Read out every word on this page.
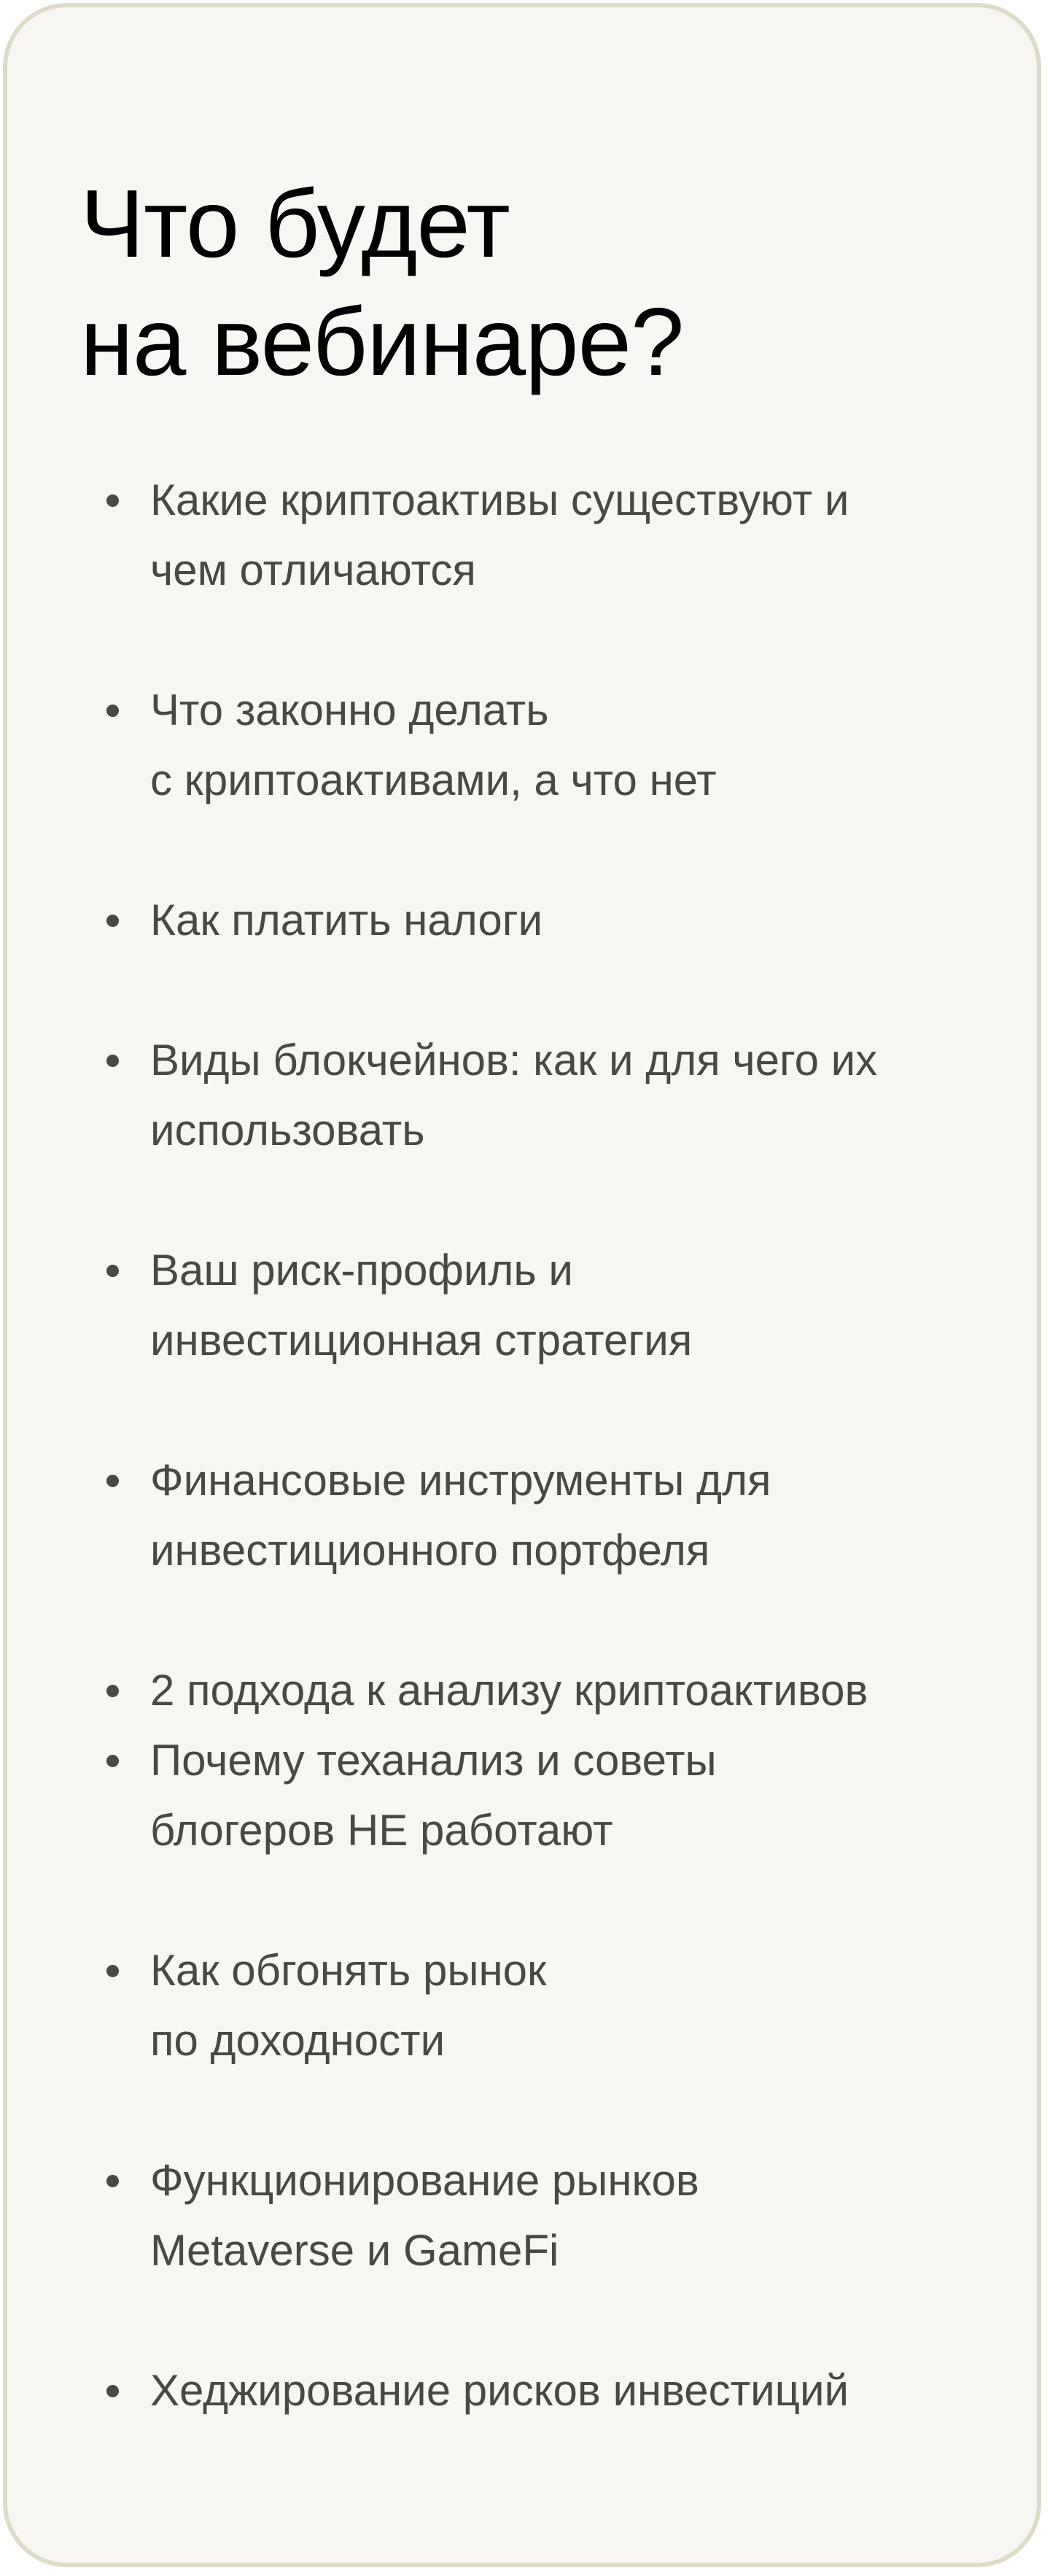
Что будет
на вебинаре?
Какие криптоактивы существуют и
чем отличаются
Что законно делать
с криптоактивами, а что нет
Как платить налоги
Виды блокчейнов: как и для чего их
использовать
Ваш риск-профиль и
инвестиционная стратегия
Финансовые инструменты для
инвестиционного портфеля
2 подхода к анализу криптоактивов
Почему теханализ и советы
блогеров НЕ работают
Как обгонять рынок
по доходности
Функционирование рынков
Metaverse и GameFi
Хеджирование рисков инвестиций
